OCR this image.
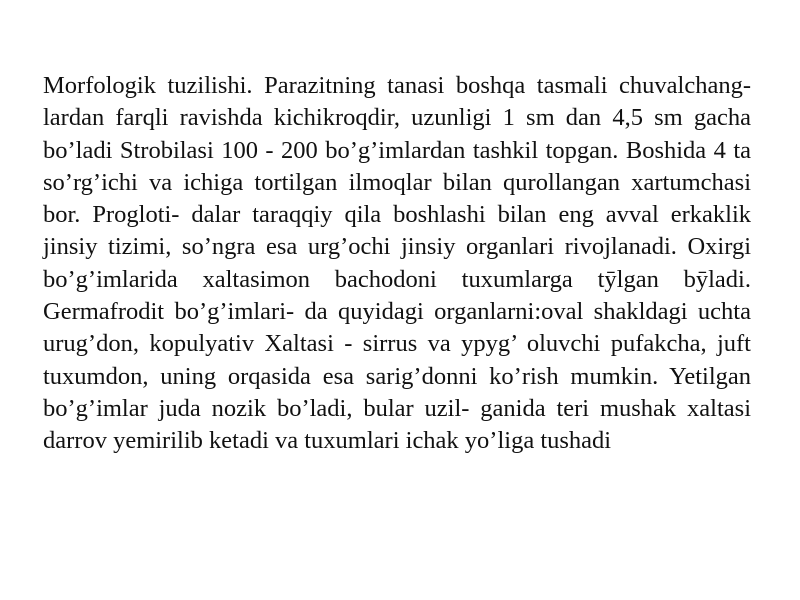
Morfologik tuzilishi. Parazitning tanasi boshqa tasmali chuvalchang- lardan farqli ravishda kichikroqdir, uzunligi 1 sm dan 4,5 sm gacha bo’ladi Strobilasi 100 - 200 bo’g’imlardan tashkil topgan. Boshida 4 ta so’rg’ichi va ichiga tortilgan ilmoqlar bilan qurollangan xartumchasi bor. Progloti- dalar taraqqiy qila boshlashi bilan eng avval erkaklik jinsiy tizimi, so’ngra esa urg’ochi jinsiy organlari rivojlanadi. Oxirgi bo’g’imlarida xaltasimon bachodoni tuxumlarga tӯlgan bӯladi. Germafrodit bo’g’imlari- da quyidagi organlarni:oval shakldagi uchta urug’don, kopulyativ Xaltasi - sirrus va ypyg’ oluvchi pufakcha, juft tuxumdon, uning orqasida esa sarig’donni ko’rish mumkin. Yetilgan bo’g’imlar juda nozik bo’ladi, bular uzil- ganida teri mushak xaltasi darrov yemirilib ketadi va tuxumlari ichak yo’liga tushadi
